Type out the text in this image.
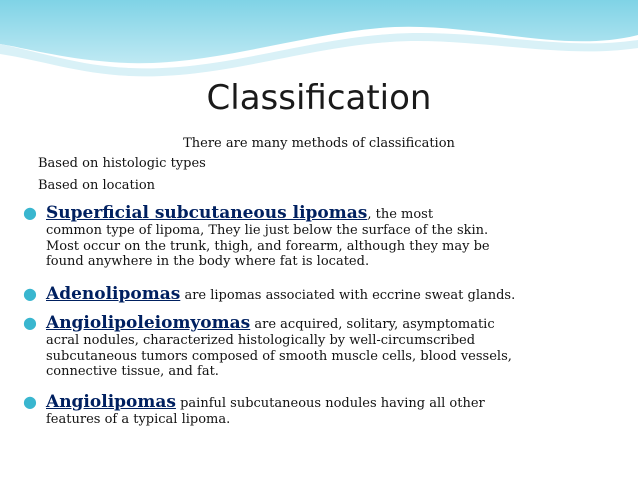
Classification
There are many methods of classification
Based on histologic types
Based on location
● Superficial subcutaneous lipomas, the most
common type of lipoma, They lie just below the surface of the skin.
Most occur on the trunk, thigh, and forearm, although they may be
found anywhere in the body where fat is located.
● Adenolipomas are lipomas associated with eccrine sweat glands.
● Angiolipoleiomyomas are acquired, solitary, asymptomatic
acral nodules, characterized histologically by well-circumscribed
subcutaneous tumors composed of smooth muscle cells, blood vessels,
connective tissue, and fat.
● Angiolipomas painful subcutaneous nodules having all other
features of a typical lipoma.
